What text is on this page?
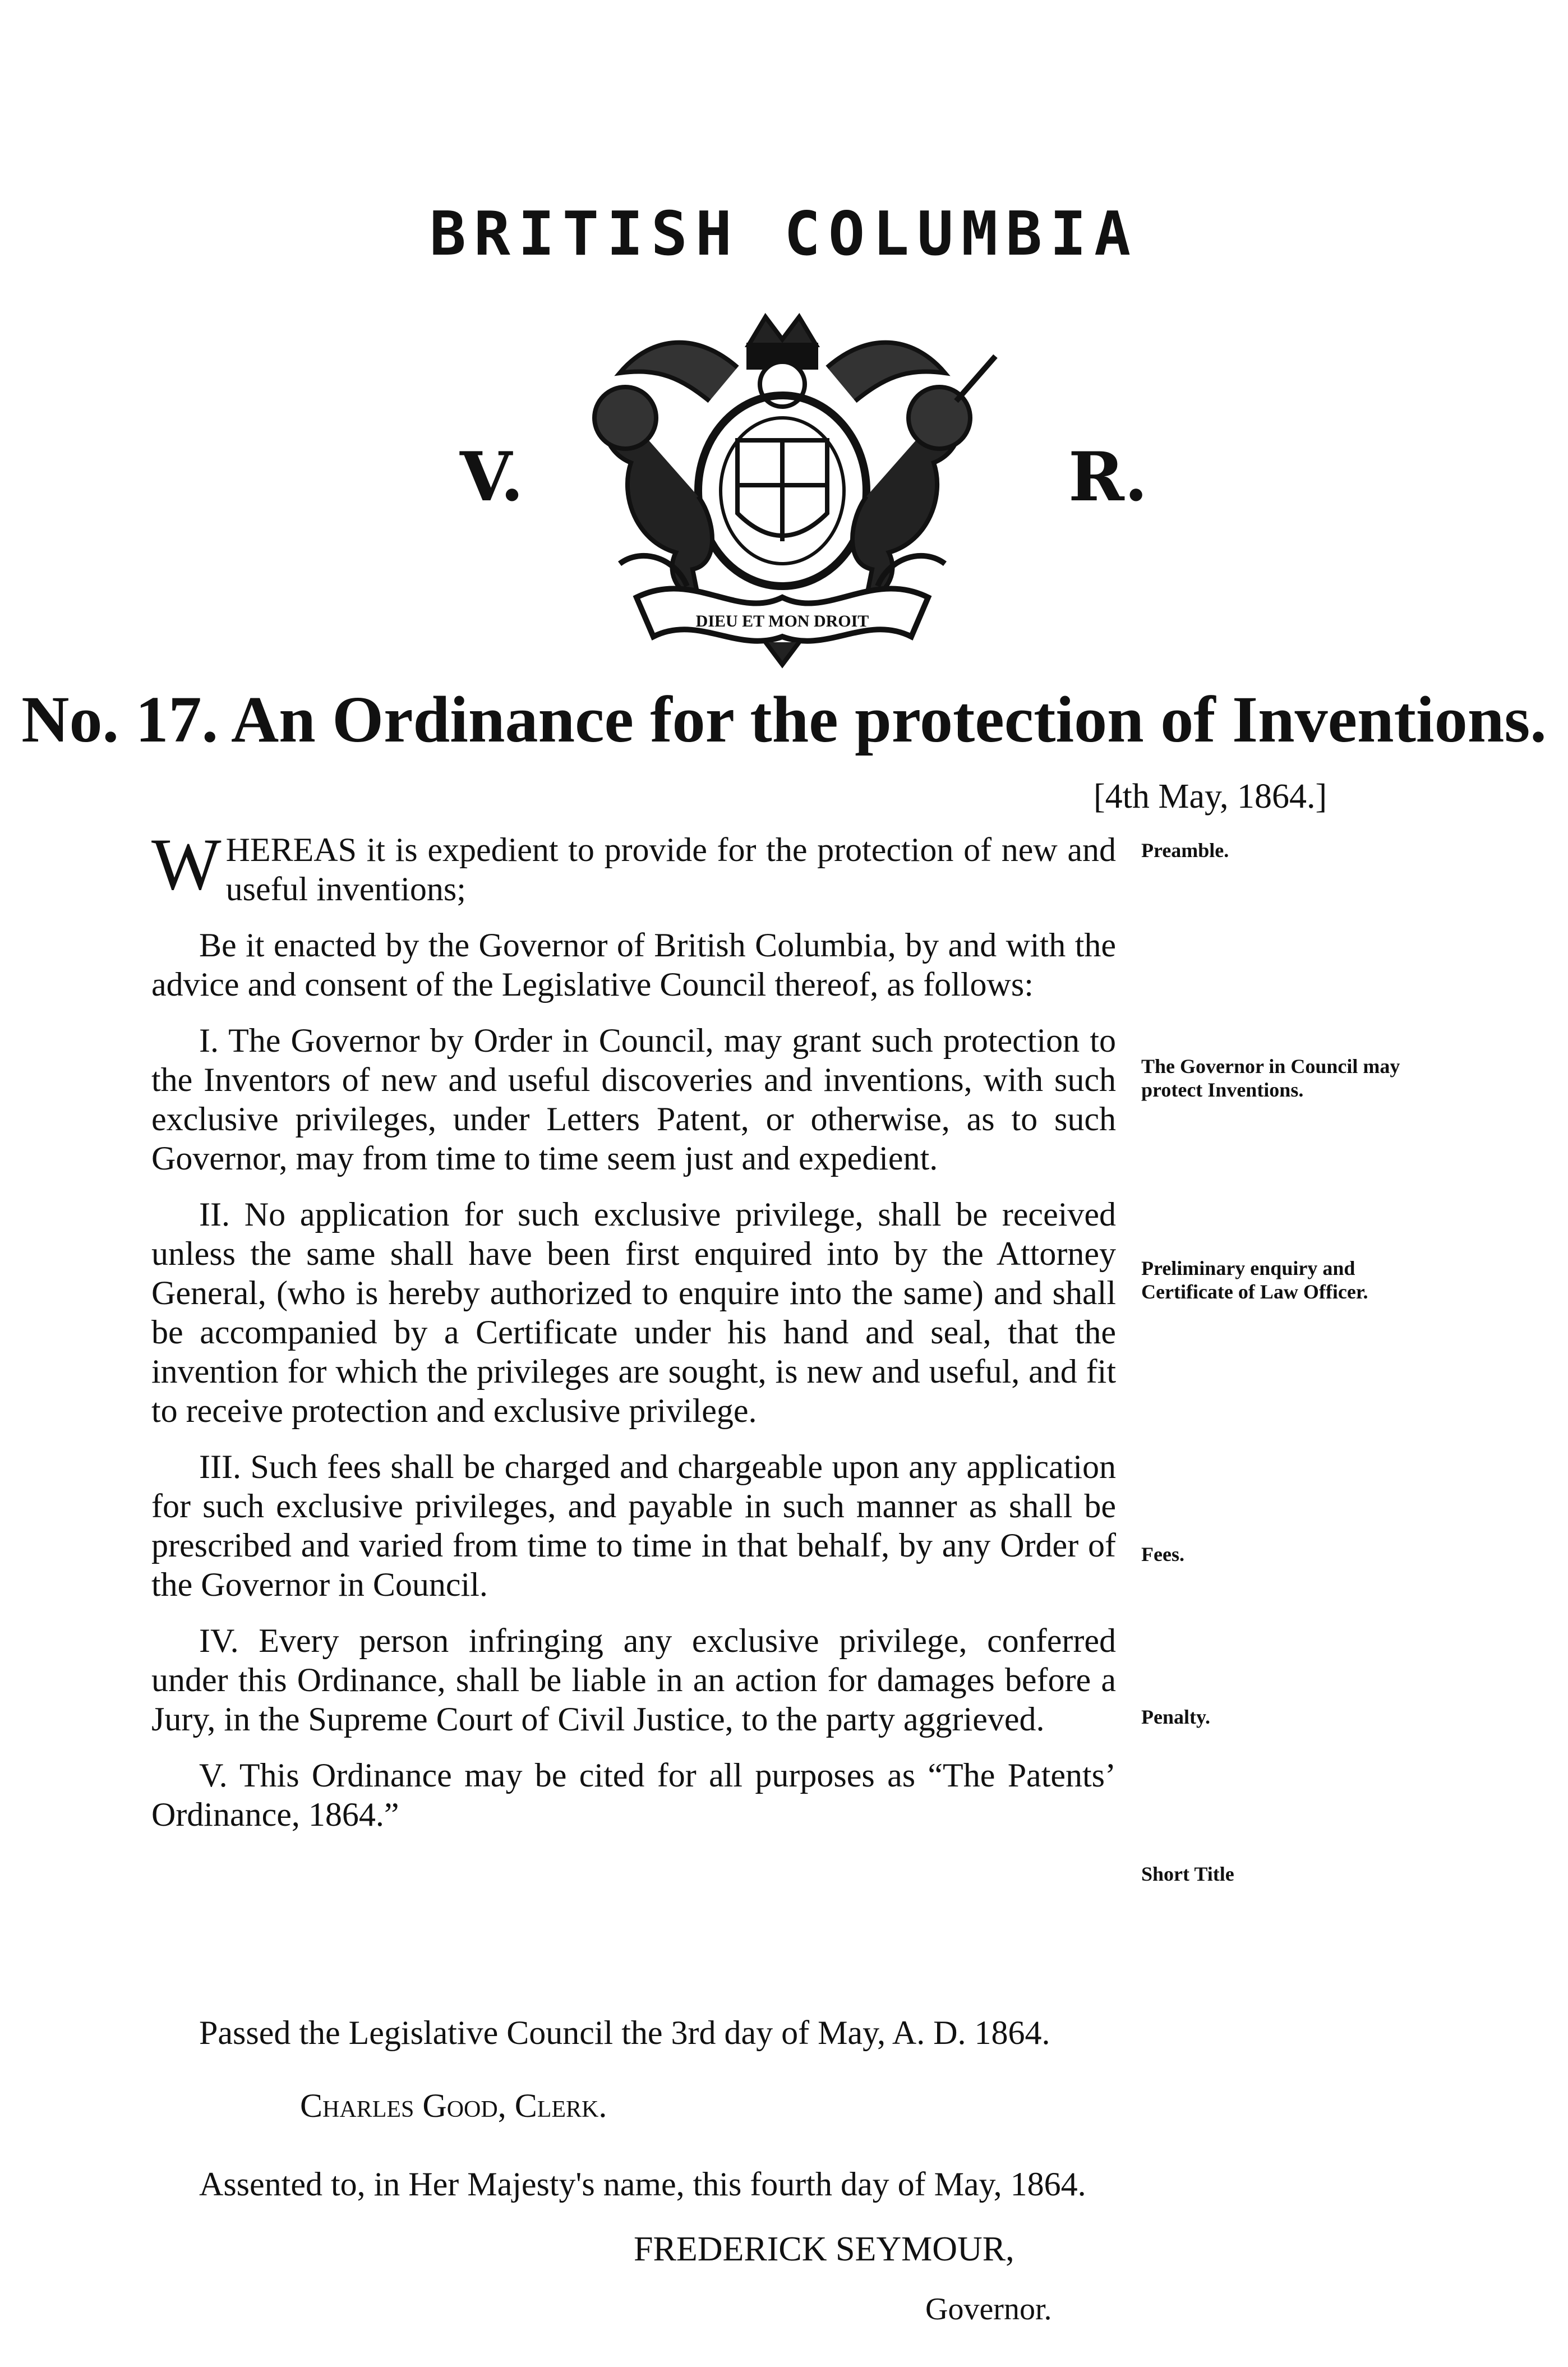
BRITISH COLUMBIA
V.	R.
DIEU ET MON DROIT
No. 17. An Ordinance for the protection of Inventions.
[4th May, 1864.]

WHEREAS it is expedient to provide for the protection of new and useful inventions;

Be it enacted by the Governor of British Columbia, by and with the advice and consent of the Legislative Council thereof, as follows:

I. The Governor by Order in Council, may grant such protection to the Inventors of new and useful discoveries and inventions, with such exclusive privileges, under Letters Patent, or otherwise, as to such Governor, may from time to time seem just and expedient.

II. No application for such exclusive privilege, shall be received unless the same shall have been first enquired into by the Attorney General, (who is hereby authorized to enquire into the same) and shall be accompanied by a Certificate under his hand and seal, that the invention for which the privileges are sought, is new and useful, and fit to receive protection and exclusive privilege.

III. Such fees shall be charged and chargeable upon any application for such exclusive privileges, and payable in such manner as shall be prescribed and varied from time to time in that behalf, by any Order of the Governor in Council.

IV. Every person infringing any exclusive privilege, conferred under this Ordinance, shall be liable in an action for damages before a Jury, in the Supreme Court of Civil Justice, to the party aggrieved.

V. This Ordinance may be cited for all purposes as “The Patents’ Ordinance, 1864.”

Preamble.
The Governor in Council may protect Inventions.
Preliminary enquiry and Certificate of Law Officer.
Fees.
Penalty.
Short Title
Passed the Legislative Council the 3rd day of May, A. D. 1864.
Charles Good, Clerk.
Assented to, in Her Majesty's name, this fourth day of May, 1864.
FREDERICK SEYMOUR,
Governor.
